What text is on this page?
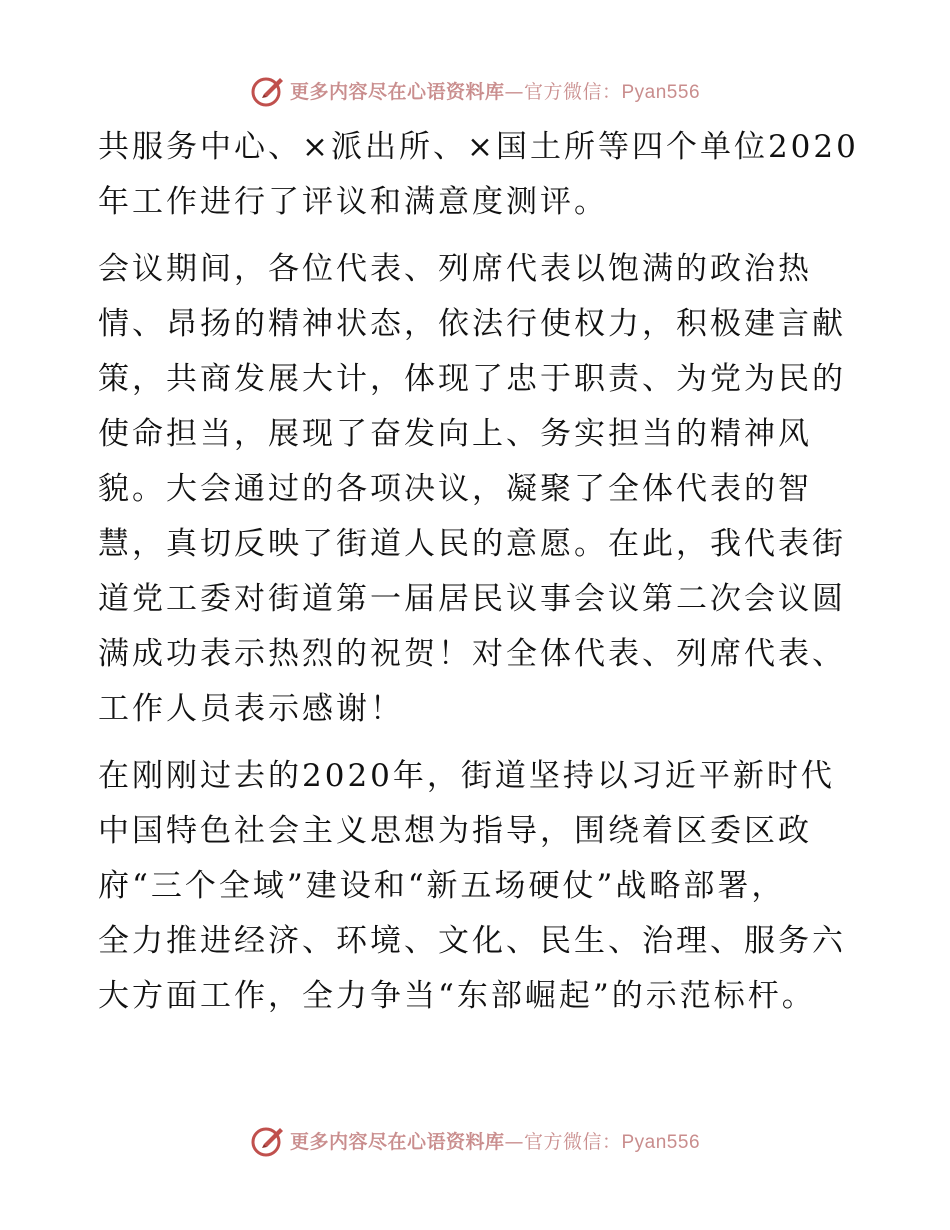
更多内容尽在心语资料库—官方微信：Pyan556

共服务中心、×派出所、×国土所等四个单位2020
年工作进行了评议和满意度测评。

会议期间，各位代表、列席代表以饱满的政治热
情、昂扬的精神状态，依法行使权力，积极建言献
策，共商发展大计，体现了忠于职责、为党为民的
使命担当，展现了奋发向上、务实担当的精神风
貌。大会通过的各项决议，凝聚了全体代表的智
慧，真切反映了街道人民的意愿。在此，我代表街
道党工委对街道第一届居民议事会议第二次会议圆
满成功表示热烈的祝贺！对全体代表、列席代表、
工作人员表示感谢！

在刚刚过去的2020年，街道坚持以习近平新时代
中国特色社会主义思想为指导，围绕着区委区政
府“三个全域”建设和“新五场硬仗”战略部署，
全力推进经济、环境、文化、民生、治理、服务六
大方面工作，全力争当“东部崛起”的示范标杆。

更多内容尽在心语资料库—官方微信：Pyan556
